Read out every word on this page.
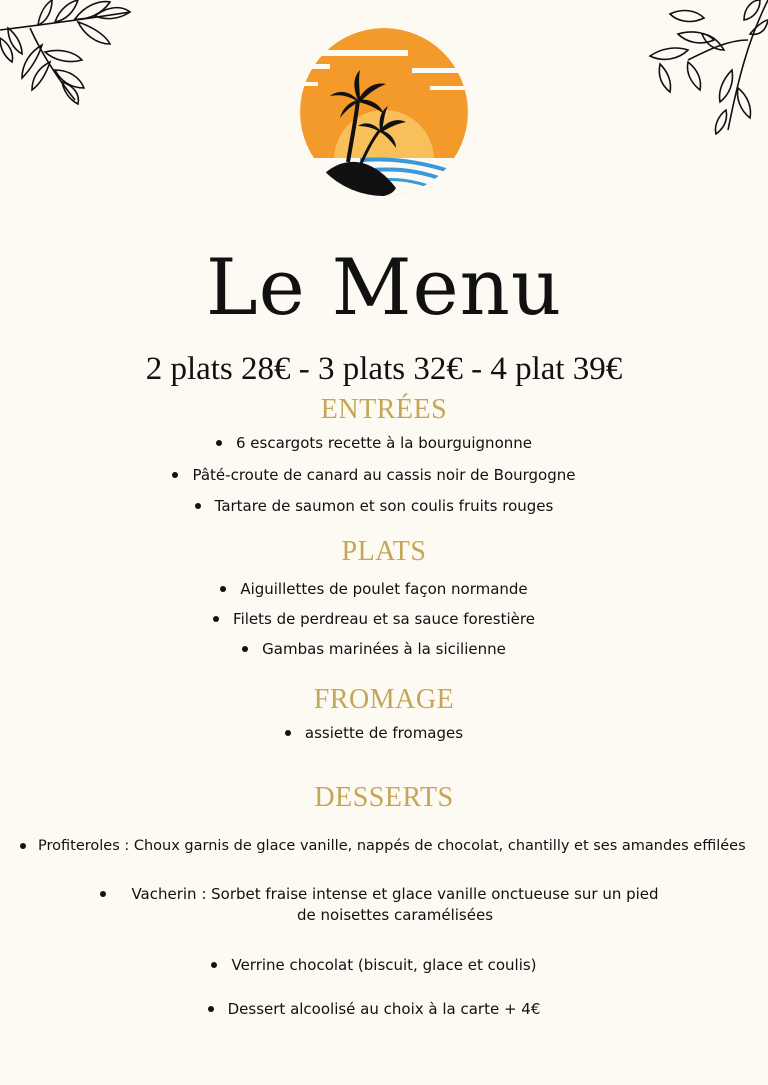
Le Menu
2 plats 28€ - 3 plats 32€ - 4 plat 39€
ENTRÉES
6 escargots recette à la bourguignonne
Pâté-croute de canard au cassis noir de Bourgogne
Tartare de saumon et son coulis fruits rouges
PLATS
Aiguillettes de poulet façon normande
Filets de perdreau et sa sauce forestière
Gambas marinées à la sicilienne
FROMAGE
assiette de fromages
DESSERTS
Profiteroles : Choux garnis de glace vanille, nappés de chocolat, chantilly et ses amandes effilées
Vacherin : Sorbet fraise intense et glace vanille onctueuse sur un pied de noisettes caramélisées
Verrine chocolat (biscuit, glace et coulis)
Dessert alcoolisé au choix à la carte + 4€
